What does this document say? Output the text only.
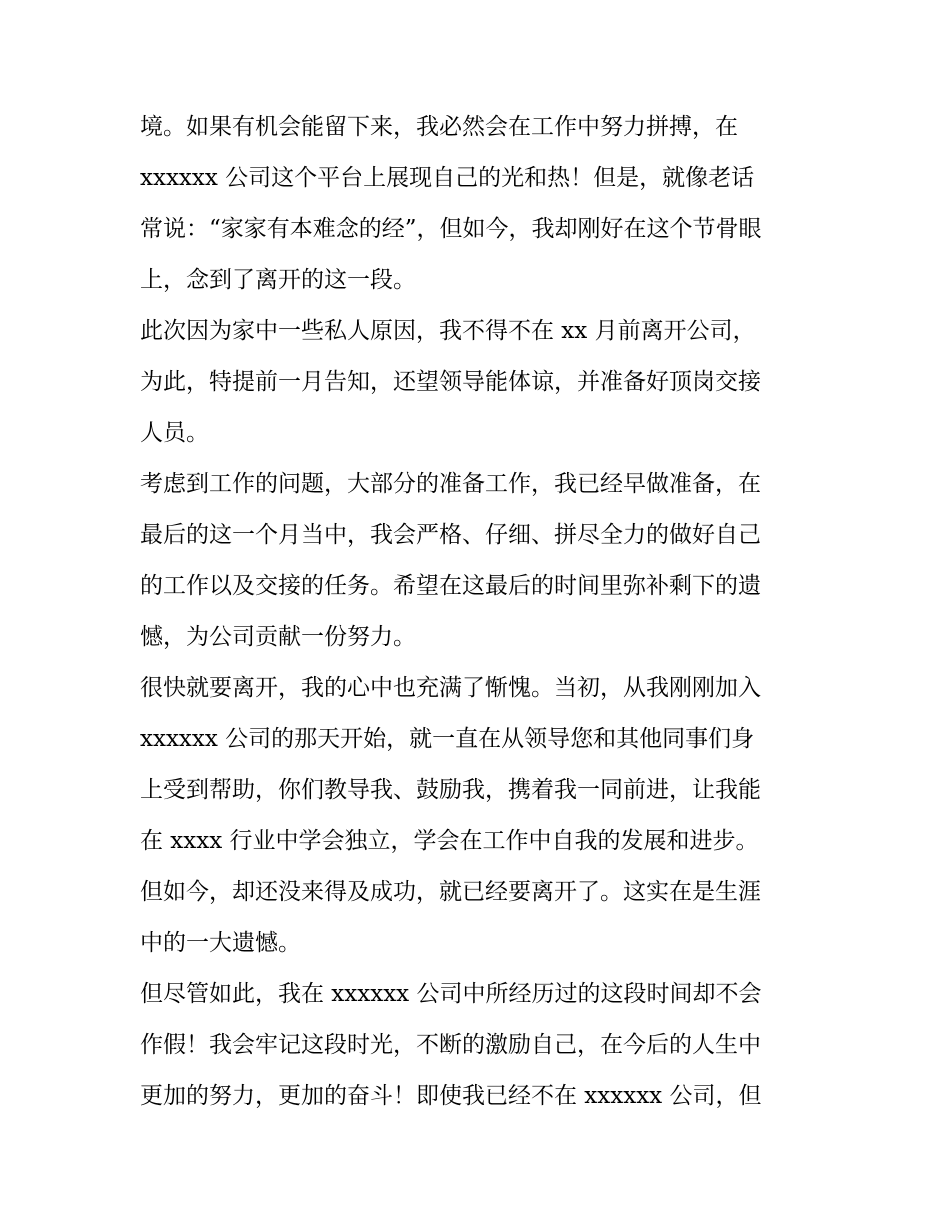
境。如果有机会能留下来，我必然会在工作中努力拼搏，在
xxxxxx 公司这个平台上展现自己的光和热！但是，就像老话
常说：“家家有本难念的经”，但如今，我却刚好在这个节骨眼
上，念到了离开的这一段。
此次因为家中一些私人原因，我不得不在 xx 月前离开公司，
为此，特提前一月告知，还望领导能体谅，并准备好顶岗交接
人员。
考虑到工作的问题，大部分的准备工作，我已经早做准备，在
最后的这一个月当中，我会严格、仔细、拼尽全力的做好自己
的工作以及交接的任务。希望在这最后的时间里弥补剩下的遗
憾，为公司贡献一份努力。
很快就要离开，我的心中也充满了惭愧。当初，从我刚刚加入
xxxxxx 公司的那天开始，就一直在从领导您和其他同事们身
上受到帮助，你们教导我、鼓励我，携着我一同前进，让我能
在 xxxx 行业中学会独立，学会在工作中自我的发展和进步。
但如今，却还没来得及成功，就已经要离开了。这实在是生涯
中的一大遗憾。
但尽管如此，我在 xxxxxx 公司中所经历过的这段时间却不会
作假！我会牢记这段时光，不断的激励自己，在今后的人生中
更加的努力，更加的奋斗！即使我已经不在 xxxxxx 公司，但
